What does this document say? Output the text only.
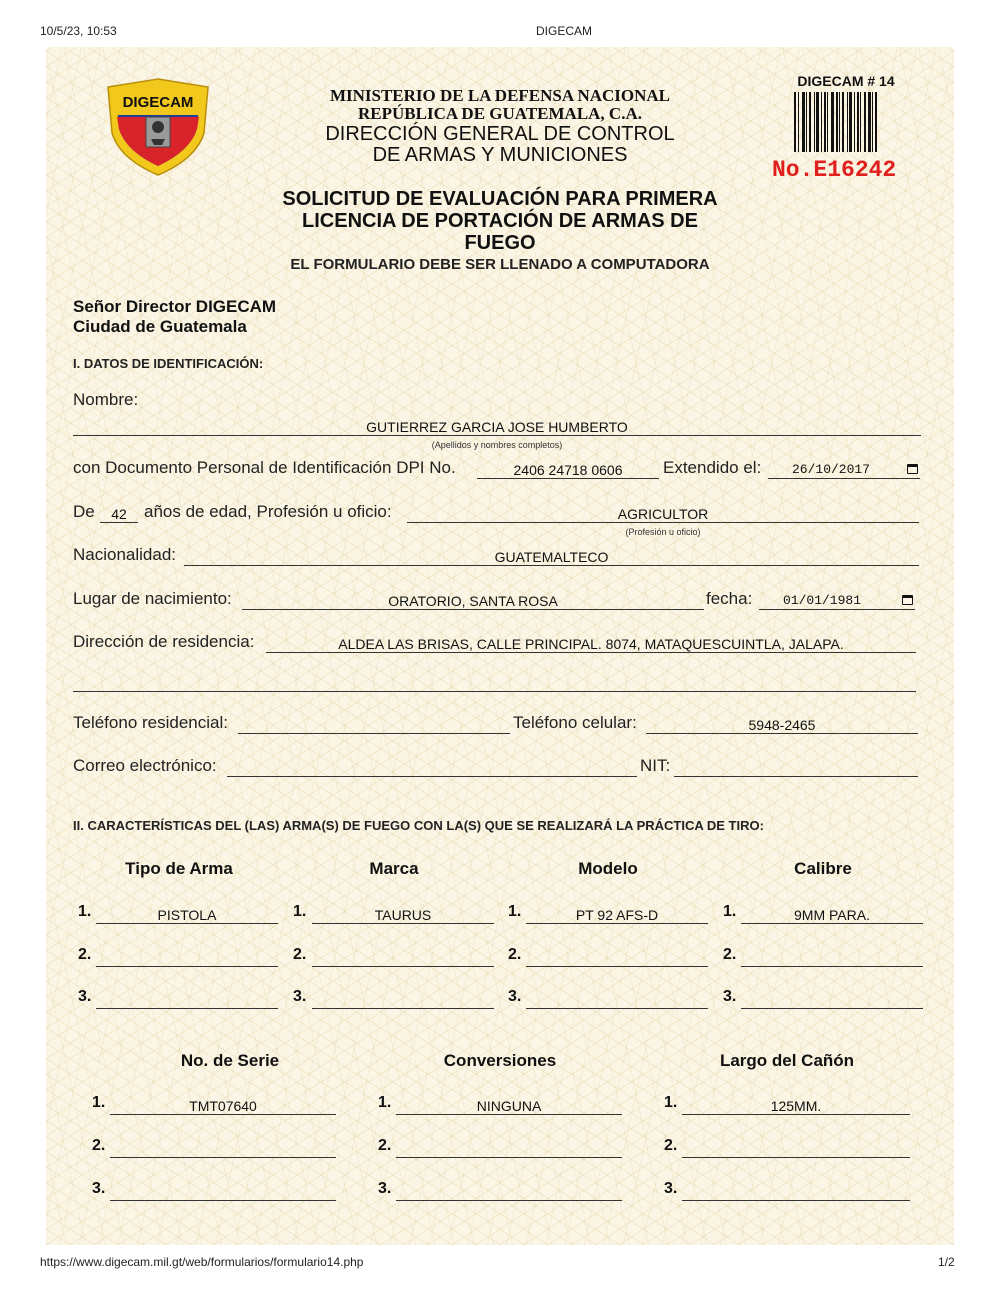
10/5/23, 10:53	DIGECAM
DIGECAM	MINISTERIO DE LA DEFENSA NACIONAL
REPÚBLICA DE GUATEMALA, C.A.
DIRECCIÓN GENERAL DE CONTROL
DE ARMAS Y MUNICIONES
DIGECAM # 14
No.E16242
SOLICITUD DE EVALUACIÓN PARA PRIMERA
LICENCIA DE PORTACIÓN DE ARMAS DE
FUEGO
EL FORMULARIO DEBE SER LLENADO A COMPUTADORA
Señor Director DIGECAM
Ciudad de Guatemala
I. DATOS DE IDENTIFICACIÓN:
Nombre:
GUTIERREZ GARCIA JOSE HUMBERTO
(Apellidos y nombres completos)
con Documento Personal de Identificación DPI No.	2406 24718 0606	Extendido el:	26/10/2017
De	42	años de edad, Profesión u oficio:	AGRICULTOR
(Profesión u oficio)
Nacionalidad:	GUATEMALTECO
Lugar de nacimiento:	ORATORIO, SANTA ROSA	fecha:	01/01/1981
Dirección de residencia:	ALDEA LAS BRISAS, CALLE PRINCIPAL. 8074, MATAQUESCUINTLA, JALAPA.
Teléfono residencial:	Teléfono celular:	5948-2465
Correo electrónico:	NIT:
II. CARACTERÍSTICAS DEL (LAS) ARMA(S) DE FUEGO CON LA(S) QUE SE REALIZARÁ LA PRÁCTICA DE TIRO:
Tipo de Arma	Marca	Modelo	Calibre
1.	PISTOLA	1.	TAURUS	1.	PT 92 AFS-D	1.	9MM PARA.
2.	2.	2.	2.
3.	3.	3.	3.
No. de Serie	Conversiones	Largo del Cañón
1.	TMT07640	1.	NINGUNA	1.	125MM.
2.	2.	2.
3.	3.	3.
https://www.digecam.mil.gt/web/formularios/formulario14.php	1/2
